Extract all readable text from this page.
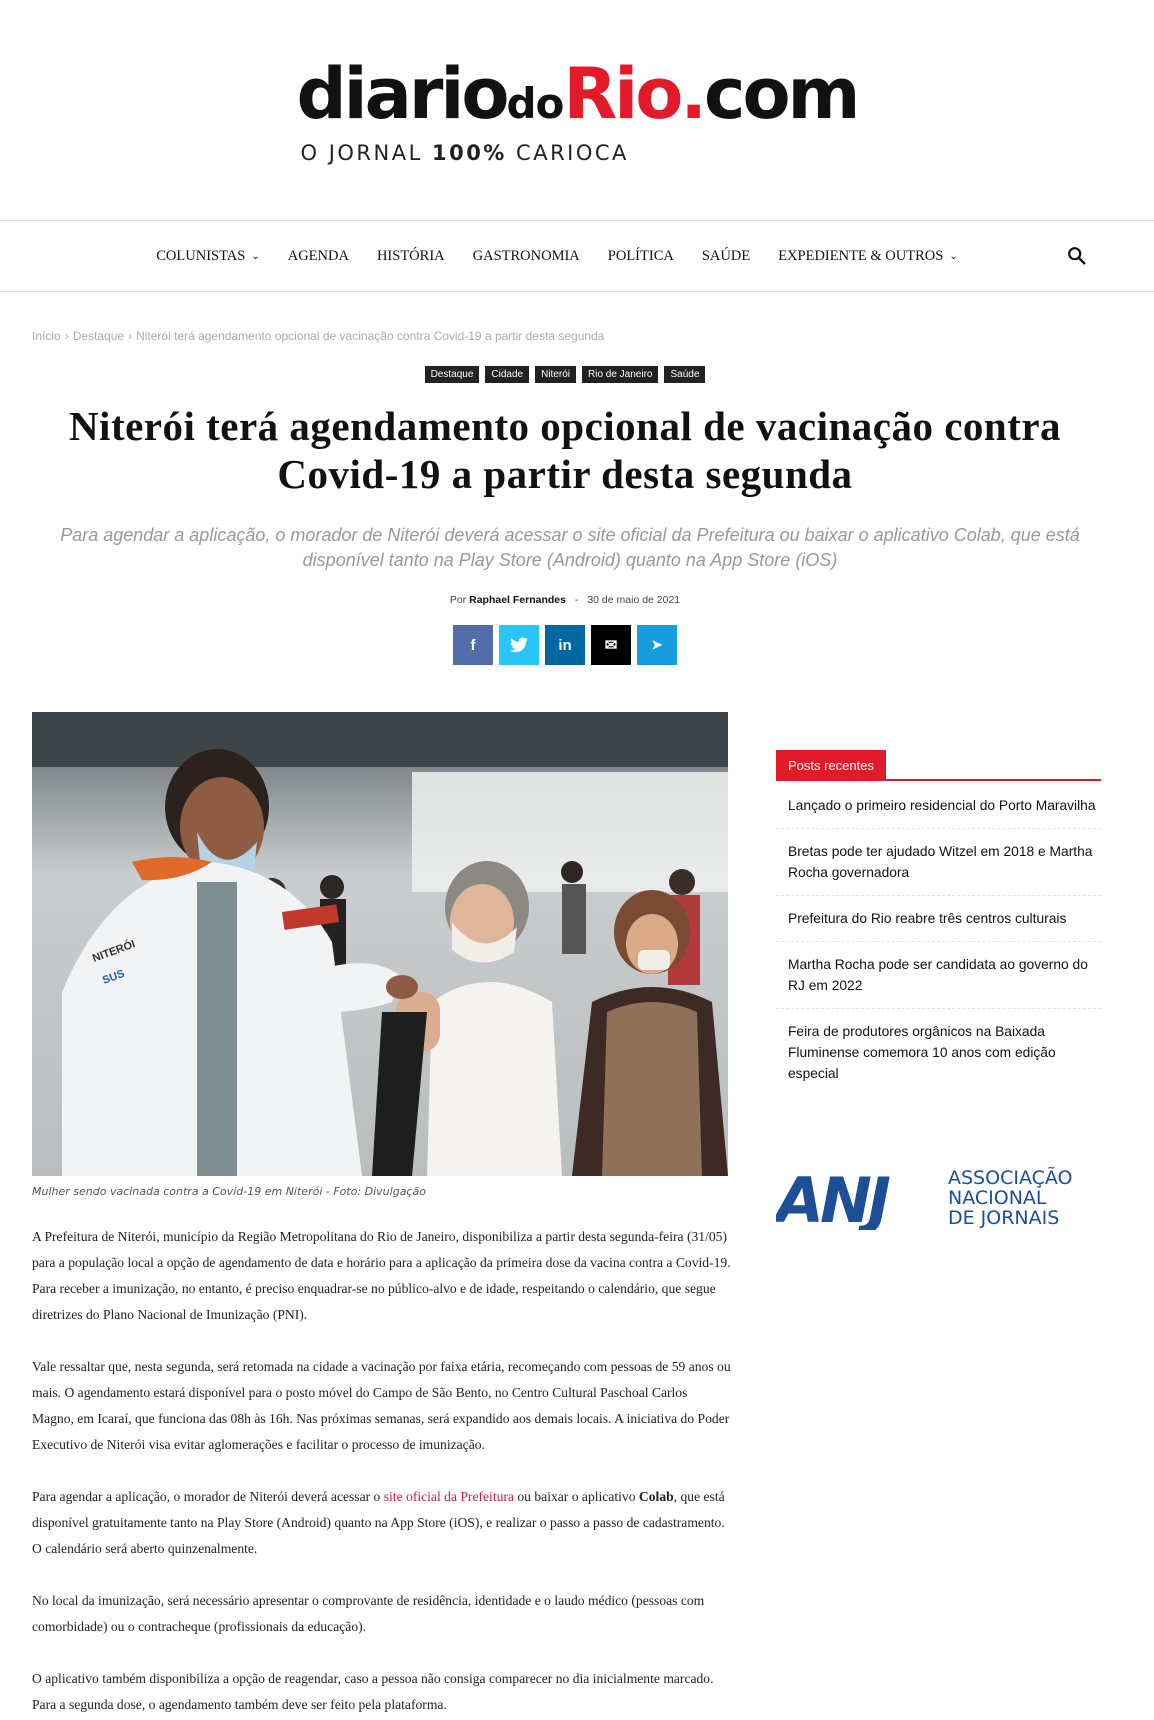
diariodoRio.com
O JORNAL 100% CARIOCA
COLUNISTAS ⌄ AGENDA HISTÓRIA GASTRONOMIA POLÍTICA SAÚDE EXPEDIENTE & OUTROS ⌄
Início › Destaque › Niterói terá agendamento opcional de vacinação contra Covid-19 a partir desta segunda
Destaque	Cidade	Niterói	Rio de Janeiro	Saúde
Niterói terá agendamento opcional de vacinação contra Covid-19 a partir desta segunda

Para agendar a aplicação, o morador de Niterói deverá acessar o site oficial da Prefeitura ou baixar o aplicativo Colab, que está disponível tanto na Play Store (Android) quanto na App Store (iOS)

Por Raphael Fernandes - 30 de maio de 2021
f	in ✉	➤
NITERÓI
SUS
Mulher sendo vacinada contra a Covid-19 em Niterói - Foto: Divulgação

A Prefeitura de Niterói, município da Região Metropolitana do Rio de Janeiro, disponibiliza a partir desta segunda-feira (31/05) para a população local a opção de agendamento de data e horário para a aplicação da primeira dose da vacina contra a Covid-19. Para receber a imunização, no entanto, é preciso enquadrar-se no público-alvo e de idade, respeitando o calendário, que segue diretrizes do Plano Nacional de Imunização (PNI).

Vale ressaltar que, nesta segunda, será retomada na cidade a vacinação por faixa etária, recomeçando com pessoas de 59 anos ou mais. O agendamento estará disponível para o posto móvel do Campo de São Bento, no Centro Cultural Paschoal Carlos Magno, em Icaraí, que funciona das 08h às 16h. Nas próximas semanas, será expandido aos demais locais. A iniciativa do Poder Executivo de Niterói visa evitar aglomerações e facilitar o processo de imunização.

Para agendar a aplicação, o morador de Niterói deverá acessar o site oficial da Prefeitura ou baixar o aplicativo Colab, que está disponível gratuitamente tanto na Play Store (Android) quanto na App Store (iOS), e realizar o passo a passo de cadastramento. O calendário será aberto quinzenalmente.

No local da imunização, será necessário apresentar o comprovante de residência, identidade e o laudo médico (pessoas com comorbidade) ou o contracheque (profissionais da educação).

O aplicativo também disponibiliza a opção de reagendar, caso a pessoa não consiga comparecer no dia inicialmente marcado. Para a segunda dose, o agendamento também deve ser feito pela plataforma.

Posts recentes
Lançado o primeiro residencial do Porto Maravilha
Bretas pode ter ajudado Witzel em 2018 e Martha Rocha governadora
Prefeitura do Rio reabre três centros culturais
Martha Rocha pode ser candidata ao governo do RJ em 2022
Feira de produtores orgânicos na Baixada Fluminense comemora 10 anos com edição especial
ANJ	ASSOCIAÇÃO
NACIONAL
DE JORNAIS
